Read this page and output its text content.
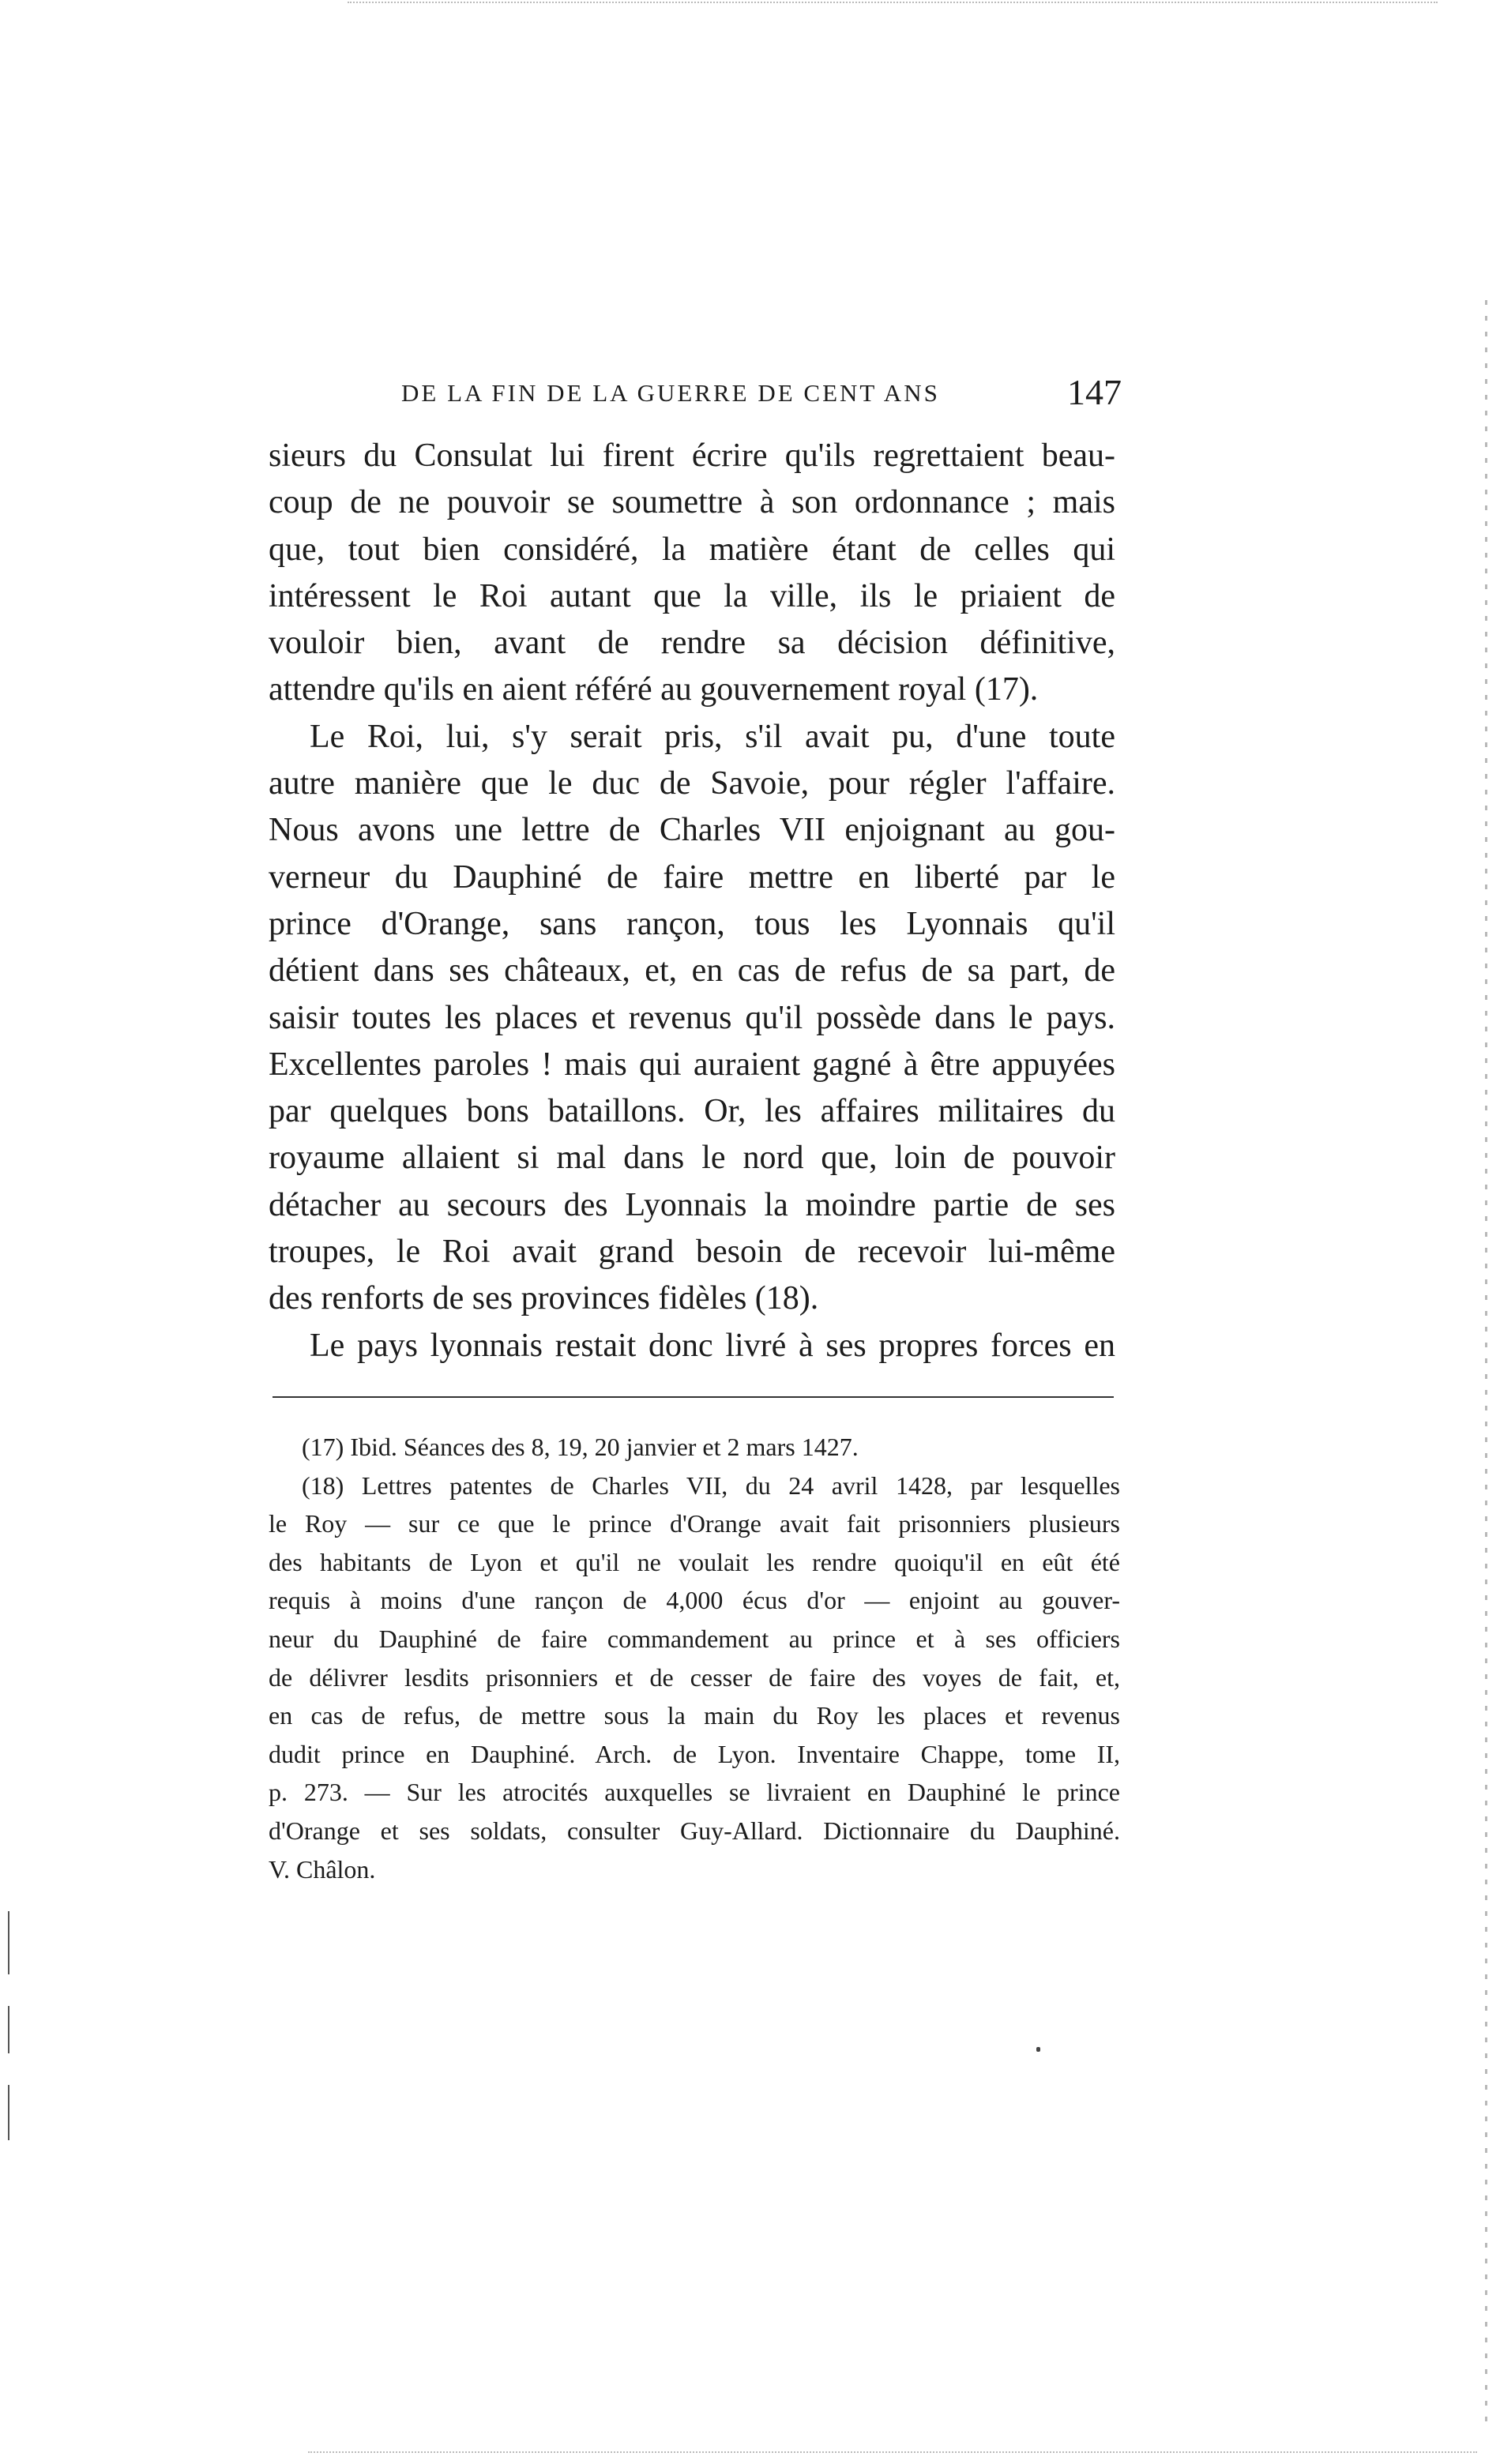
DE LA FIN DE LA GUERRE DE CENT ANS	147
sieurs du Consulat lui firent écrire qu'ils regrettaient beau-
coup de ne pouvoir se soumettre à son ordonnance ; mais
que, tout bien considéré, la matière étant de celles qui
intéressent le Roi autant que la ville, ils le priaient de
vouloir bien, avant de rendre sa décision définitive,
attendre qu'ils en aient référé au gouvernement royal (17).
Le Roi, lui, s'y serait pris, s'il avait pu, d'une toute
autre manière que le duc de Savoie, pour régler l'affaire.
Nous avons une lettre de Charles VII enjoignant au gou-
verneur du Dauphiné de faire mettre en liberté par le
prince d'Orange, sans rançon, tous les Lyonnais qu'il
détient dans ses châteaux, et, en cas de refus de sa part, de
saisir toutes les places et revenus qu'il possède dans le pays.
Excellentes paroles ! mais qui auraient gagné à être appuyées
par quelques bons bataillons. Or, les affaires militaires du
royaume allaient si mal dans le nord que, loin de pouvoir
détacher au secours des Lyonnais la moindre partie de ses
troupes, le Roi avait grand besoin de recevoir lui-même
des renforts de ses provinces fidèles (18).
Le pays lyonnais restait donc livré à ses propres forces en
(17) Ibid. Séances des 8, 19, 20 janvier et 2 mars 1427.
(18) Lettres patentes de Charles VII, du 24 avril 1428, par lesquelles
le Roy — sur ce que le prince d'Orange avait fait prisonniers plusieurs
des habitants de Lyon et qu'il ne voulait les rendre quoiqu'il en eût été
requis à moins d'une rançon de 4,000 écus d'or — enjoint au gouver-
neur du Dauphiné de faire commandement au prince et à ses officiers
de délivrer lesdits prisonniers et de cesser de faire des voyes de fait, et,
en cas de refus, de mettre sous la main du Roy les places et revenus
dudit prince en Dauphiné. Arch. de Lyon. Inventaire Chappe, tome II,
p. 273. — Sur les atrocités auxquelles se livraient en Dauphiné le prince
d'Orange et ses soldats, consulter Guy-Allard. Dictionnaire du Dauphiné.
V. Châlon.
